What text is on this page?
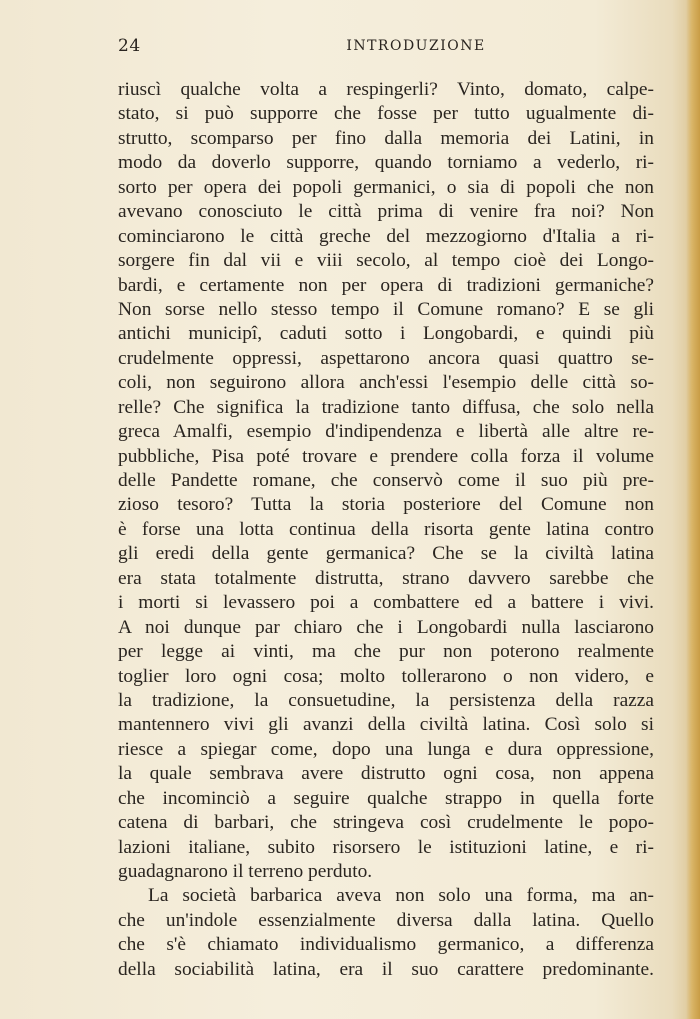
24	INTRODUZIONE
riuscì qualche volta a respingerli? Vinto, domato, calpe-
stato, si può supporre che fosse per tutto ugualmente di-
strutto, scomparso per fino dalla memoria dei Latini, in
modo da doverlo supporre, quando torniamo a vederlo, ri-
sorto per opera dei popoli germanici, o sia di popoli che non
avevano conosciuto le città prima di venire fra noi? Non
cominciarono le città greche del mezzogiorno d'Italia a ri-
sorgere fin dal vii e viii secolo, al tempo cioè dei Longo-
bardi, e certamente non per opera di tradizioni germaniche?
Non sorse nello stesso tempo il Comune romano? E se gli
antichi municipî, caduti sotto i Longobardi, e quindi più
crudelmente oppressi, aspettarono ancora quasi quattro se-
coli, non seguirono allora anch'essi l'esempio delle città so-
relle? Che significa la tradizione tanto diffusa, che solo nella
greca Amalfi, esempio d'indipendenza e libertà alle altre re-
pubbliche, Pisa poté trovare e prendere colla forza il volume
delle Pandette romane, che conservò come il suo più pre-
zioso tesoro? Tutta la storia posteriore del Comune non
è forse una lotta continua della risorta gente latina contro
gli eredi della gente germanica? Che se la civiltà latina
era stata totalmente distrutta, strano davvero sarebbe che
i morti si levassero poi a combattere ed a battere i vivi.
A noi dunque par chiaro che i Longobardi nulla lasciarono
per legge ai vinti, ma che pur non poterono realmente
toglier loro ogni cosa; molto tollerarono o non videro, e
la tradizione, la consuetudine, la persistenza della razza
mantennero vivi gli avanzi della civiltà latina. Così solo si
riesce a spiegar come, dopo una lunga e dura oppressione,
la quale sembrava avere distrutto ogni cosa, non appena
che incominciò a seguire qualche strappo in quella forte
catena di barbari, che stringeva così crudelmente le popo-
lazioni italiane, subito risorsero le istituzioni latine, e ri-
guadagnarono il terreno perduto.
La società barbarica aveva non solo una forma, ma an-
che un'indole essenzialmente diversa dalla latina. Quello
che s'è chiamato individualismo germanico, a differenza
della sociabilità latina, era il suo carattere predominante.
